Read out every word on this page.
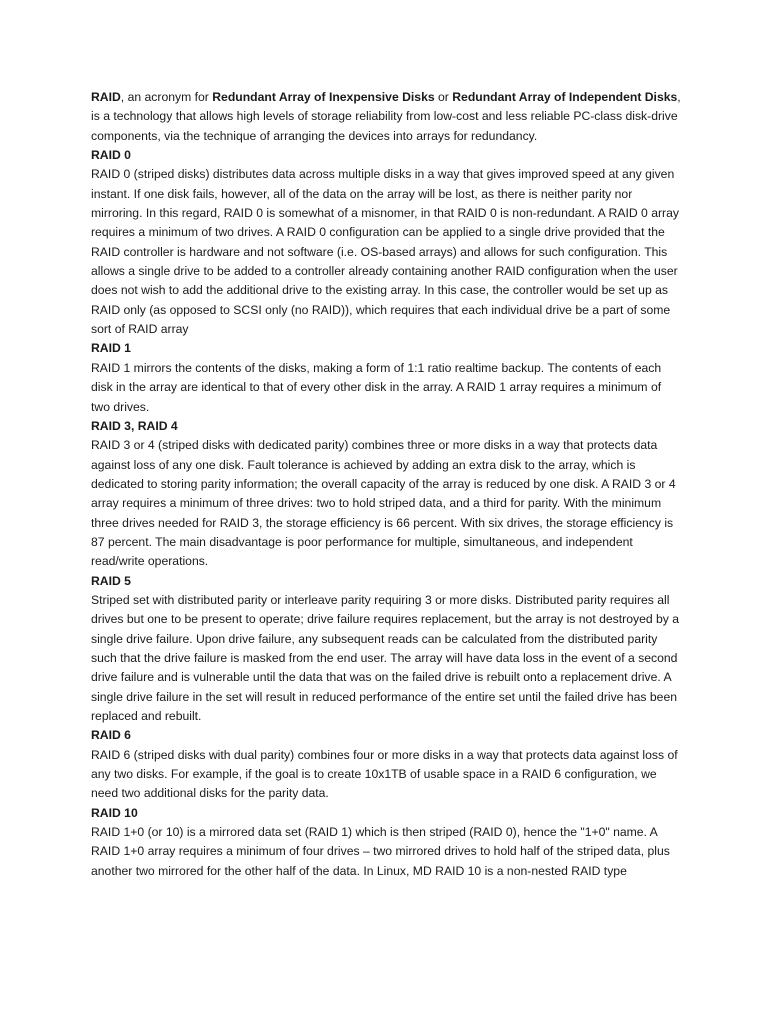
RAID, an acronym for Redundant Array of Inexpensive Disks or Redundant Array of Independent Disks, is a technology that allows high levels of storage reliability from low-cost and less reliable PC-class disk-drive components, via the technique of arranging the devices into arrays for redundancy.

RAID 0

RAID 0 (striped disks) distributes data across multiple disks in a way that gives improved speed at any given instant. If one disk fails, however, all of the data on the array will be lost, as there is neither parity nor mirroring. In this regard, RAID 0 is somewhat of a misnomer, in that RAID 0 is non-redundant. A RAID 0 array requires a minimum of two drives. A RAID 0 configuration can be applied to a single drive provided that the RAID controller is hardware and not software (i.e. OS-based arrays) and allows for such configuration. This allows a single drive to be added to a controller already containing another RAID configuration when the user does not wish to add the additional drive to the existing array. In this case, the controller would be set up as RAID only (as opposed to SCSI only (no RAID)), which requires that each individual drive be a part of some sort of RAID array

RAID 1

RAID 1 mirrors the contents of the disks, making a form of 1:1 ratio realtime backup. The contents of each disk in the array are identical to that of every other disk in the array. A RAID 1 array requires a minimum of two drives.

RAID 3, RAID 4

RAID 3 or 4 (striped disks with dedicated parity) combines three or more disks in a way that protects data against loss of any one disk. Fault tolerance is achieved by adding an extra disk to the array, which is dedicated to storing parity information; the overall capacity of the array is reduced by one disk. A RAID 3 or 4 array requires a minimum of three drives: two to hold striped data, and a third for parity. With the minimum three drives needed for RAID 3, the storage efficiency is 66 percent. With six drives, the storage efficiency is 87 percent. The main disadvantage is poor performance for multiple, simultaneous, and independent read/write operations.

RAID 5

Striped set with distributed parity or interleave parity requiring 3 or more disks. Distributed parity requires all drives but one to be present to operate; drive failure requires replacement, but the array is not destroyed by a single drive failure. Upon drive failure, any subsequent reads can be calculated from the distributed parity such that the drive failure is masked from the end user. The array will have data loss in the event of a second drive failure and is vulnerable until the data that was on the failed drive is rebuilt onto a replacement drive. A single drive failure in the set will result in reduced performance of the entire set until the failed drive has been replaced and rebuilt.

RAID 6

RAID 6 (striped disks with dual parity) combines four or more disks in a way that protects data against loss of any two disks. For example, if the goal is to create 10x1TB of usable space in a RAID 6 configuration, we need two additional disks for the parity data.

RAID 10

RAID 1+0 (or 10) is a mirrored data set (RAID 1) which is then striped (RAID 0), hence the "1+0" name. A RAID 1+0 array requires a minimum of four drives – two mirrored drives to hold half of the striped data, plus another two mirrored for the other half of the data. In Linux, MD RAID 10 is a non-nested RAID type
